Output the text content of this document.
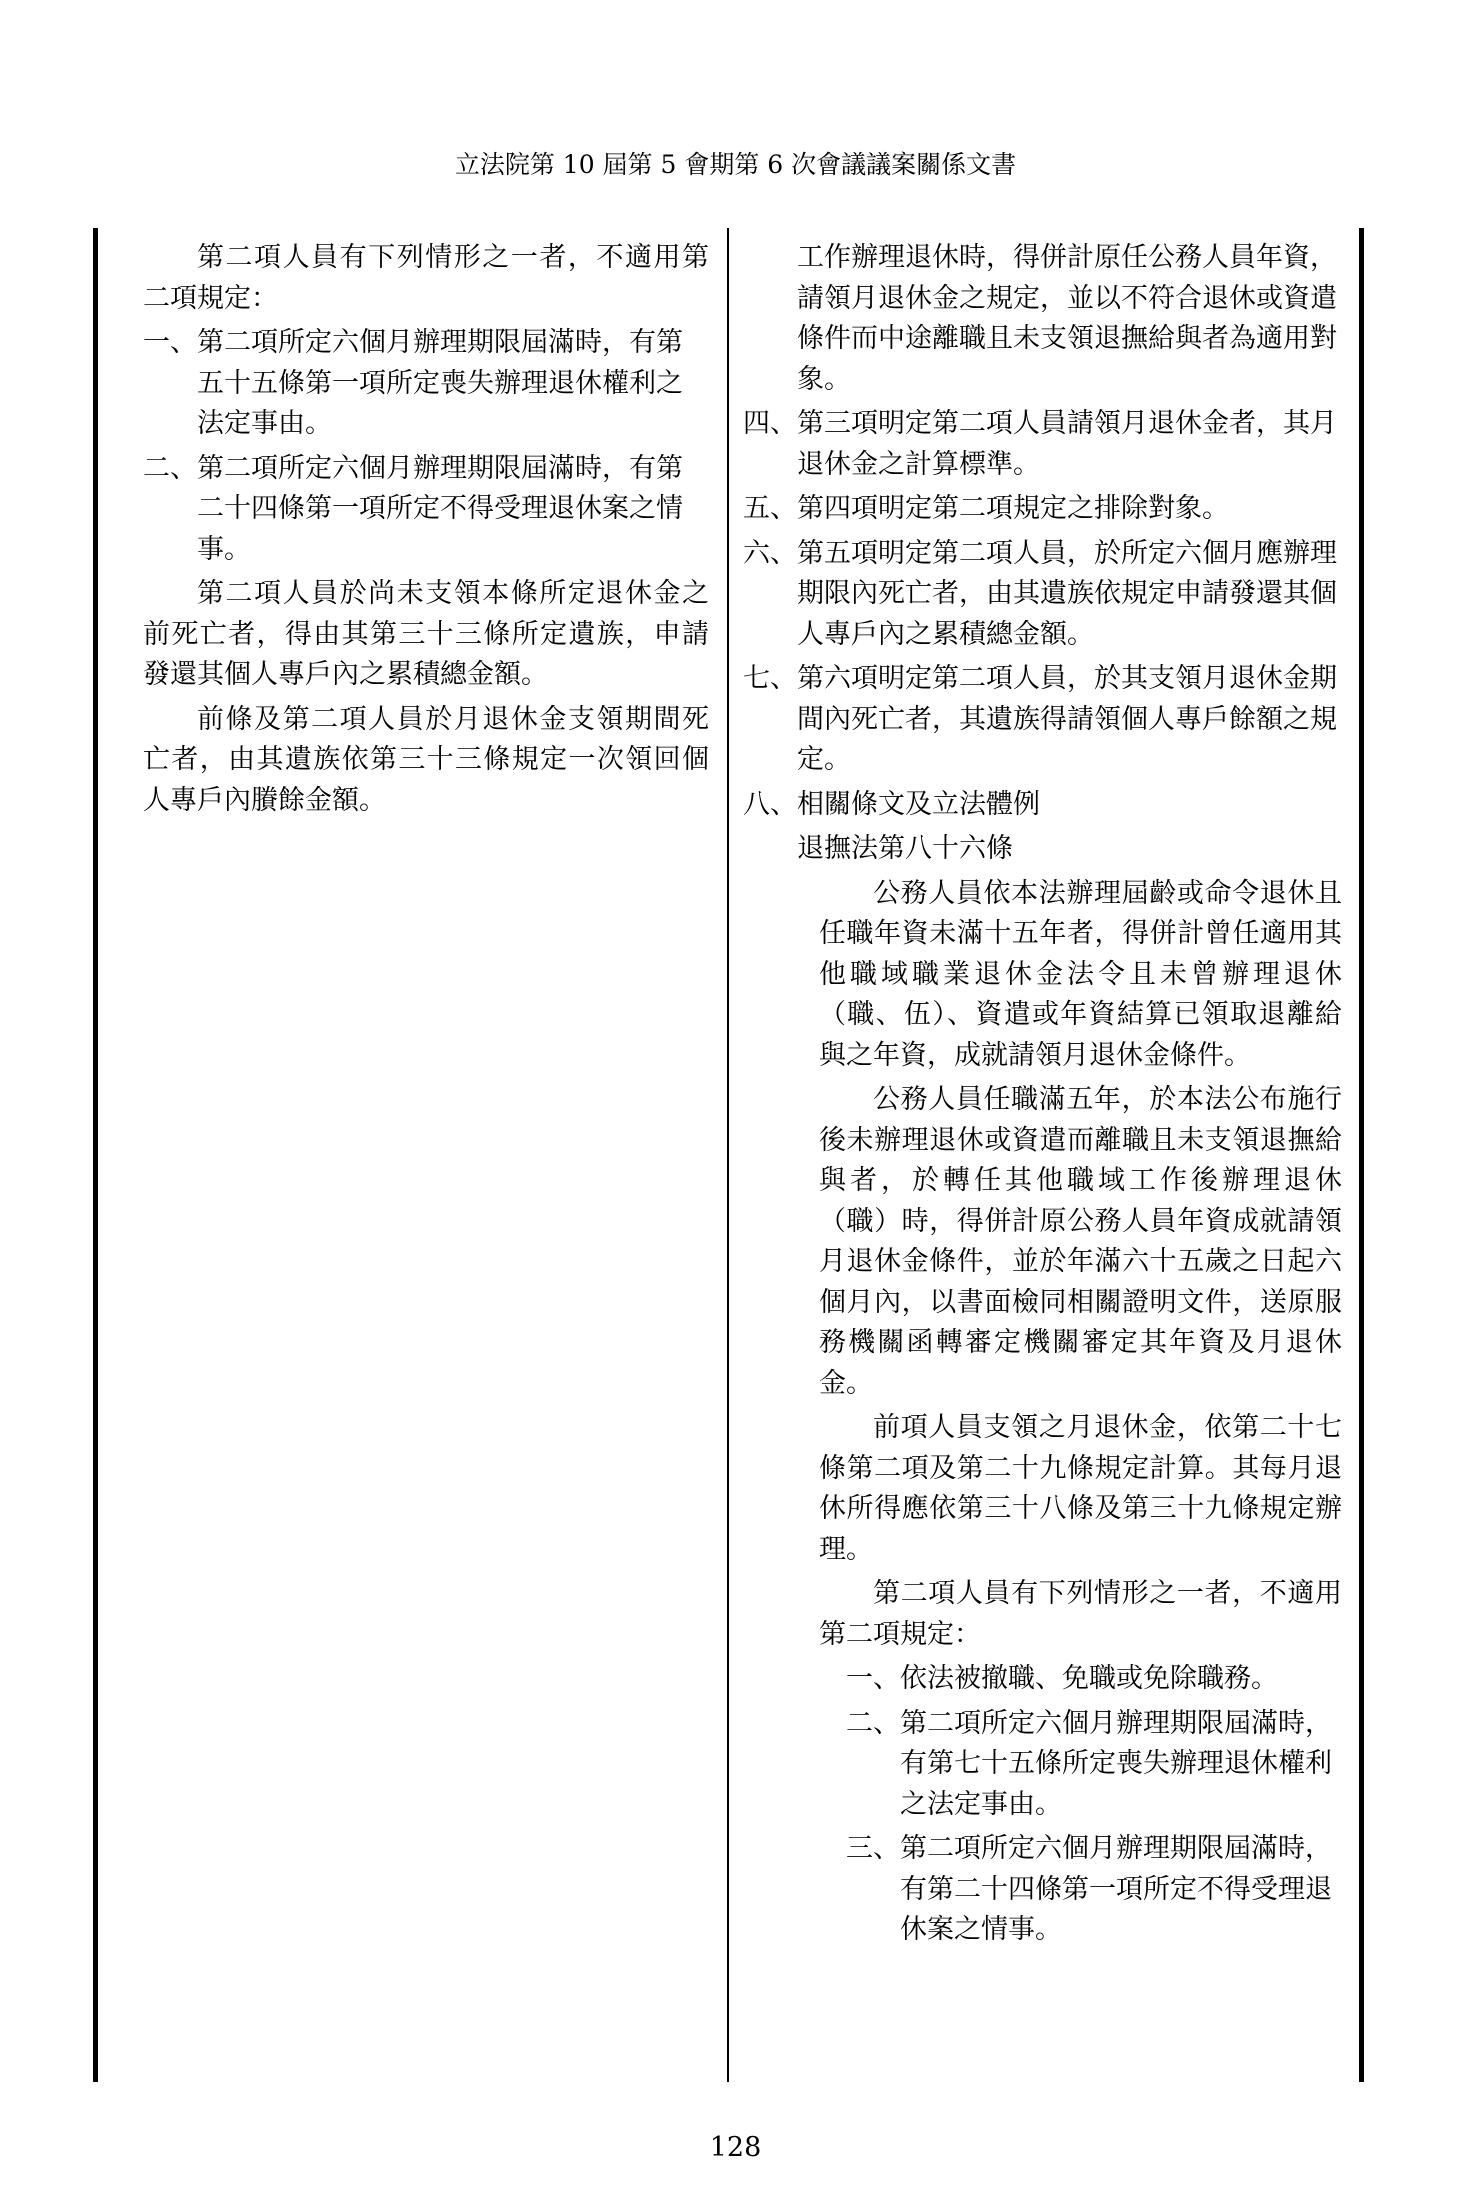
立法院第 10 屆第 5 會期第 6 次會議議案關係文書

第二項人員有下列情形之一者，不適用第二項規定：

一、第二項所定六個月辦理期限屆滿時，有第五十五條第一項所定喪失辦理退休權利之法定事由。
二、第二項所定六個月辦理期限屆滿時，有第二十四條第一項所定不得受理退休案之情事。

第二項人員於尚未支領本條所定退休金之前死亡者，得由其第三十三條所定遺族，申請發還其個人專戶內之累積總金額。

前條及第二項人員於月退休金支領期間死亡者，由其遺族依第三十三條規定一次領回個人專戶內賸餘金額。

工作辦理退休時，得併計原任公務人員年資，請領月退休金之規定，並以不符合退休或資遣條件而中途離職且未支領退撫給與者為適用對象。

四、第三項明定第二項人員請領月退休金者，其月退休金之計算標準。
五、第四項明定第二項規定之排除對象。
六、第五項明定第二項人員，於所定六個月應辦理期限內死亡者，由其遺族依規定申請發還其個人專戶內之累積總金額。
七、第六項明定第二項人員，於其支領月退休金期間內死亡者，其遺族得請領個人專戶餘額之規定。
八、相關條文及立法體例

退撫法第八十六條

公務人員依本法辦理屆齡或命令退休且任職年資未滿十五年者，得併計曾任適用其他職域職業退休金法令且未曾辦理退休（職、伍）、資遣或年資結算已領取退離給與之年資，成就請領月退休金條件。

公務人員任職滿五年，於本法公布施行後未辦理退休或資遣而離職且未支領退撫給與者，於轉任其他職域工作後辦理退休（職）時，得併計原公務人員年資成就請領月退休金條件，並於年滿六十五歲之日起六個月內，以書面檢同相關證明文件，送原服務機關函轉審定機關審定其年資及月退休金。

前項人員支領之月退休金，依第二十七條第二項及第二十九條規定計算。其每月退休所得應依第三十八條及第三十九條規定辦理。

第二項人員有下列情形之一者，不適用第二項規定：

一、依法被撤職、免職或免除職務。
二、第二項所定六個月辦理期限屆滿時，有第七十五條所定喪失辦理退休權利之法定事由。
三、第二項所定六個月辦理期限屆滿時，有第二十四條第一項所定不得受理退休案之情事。
128
